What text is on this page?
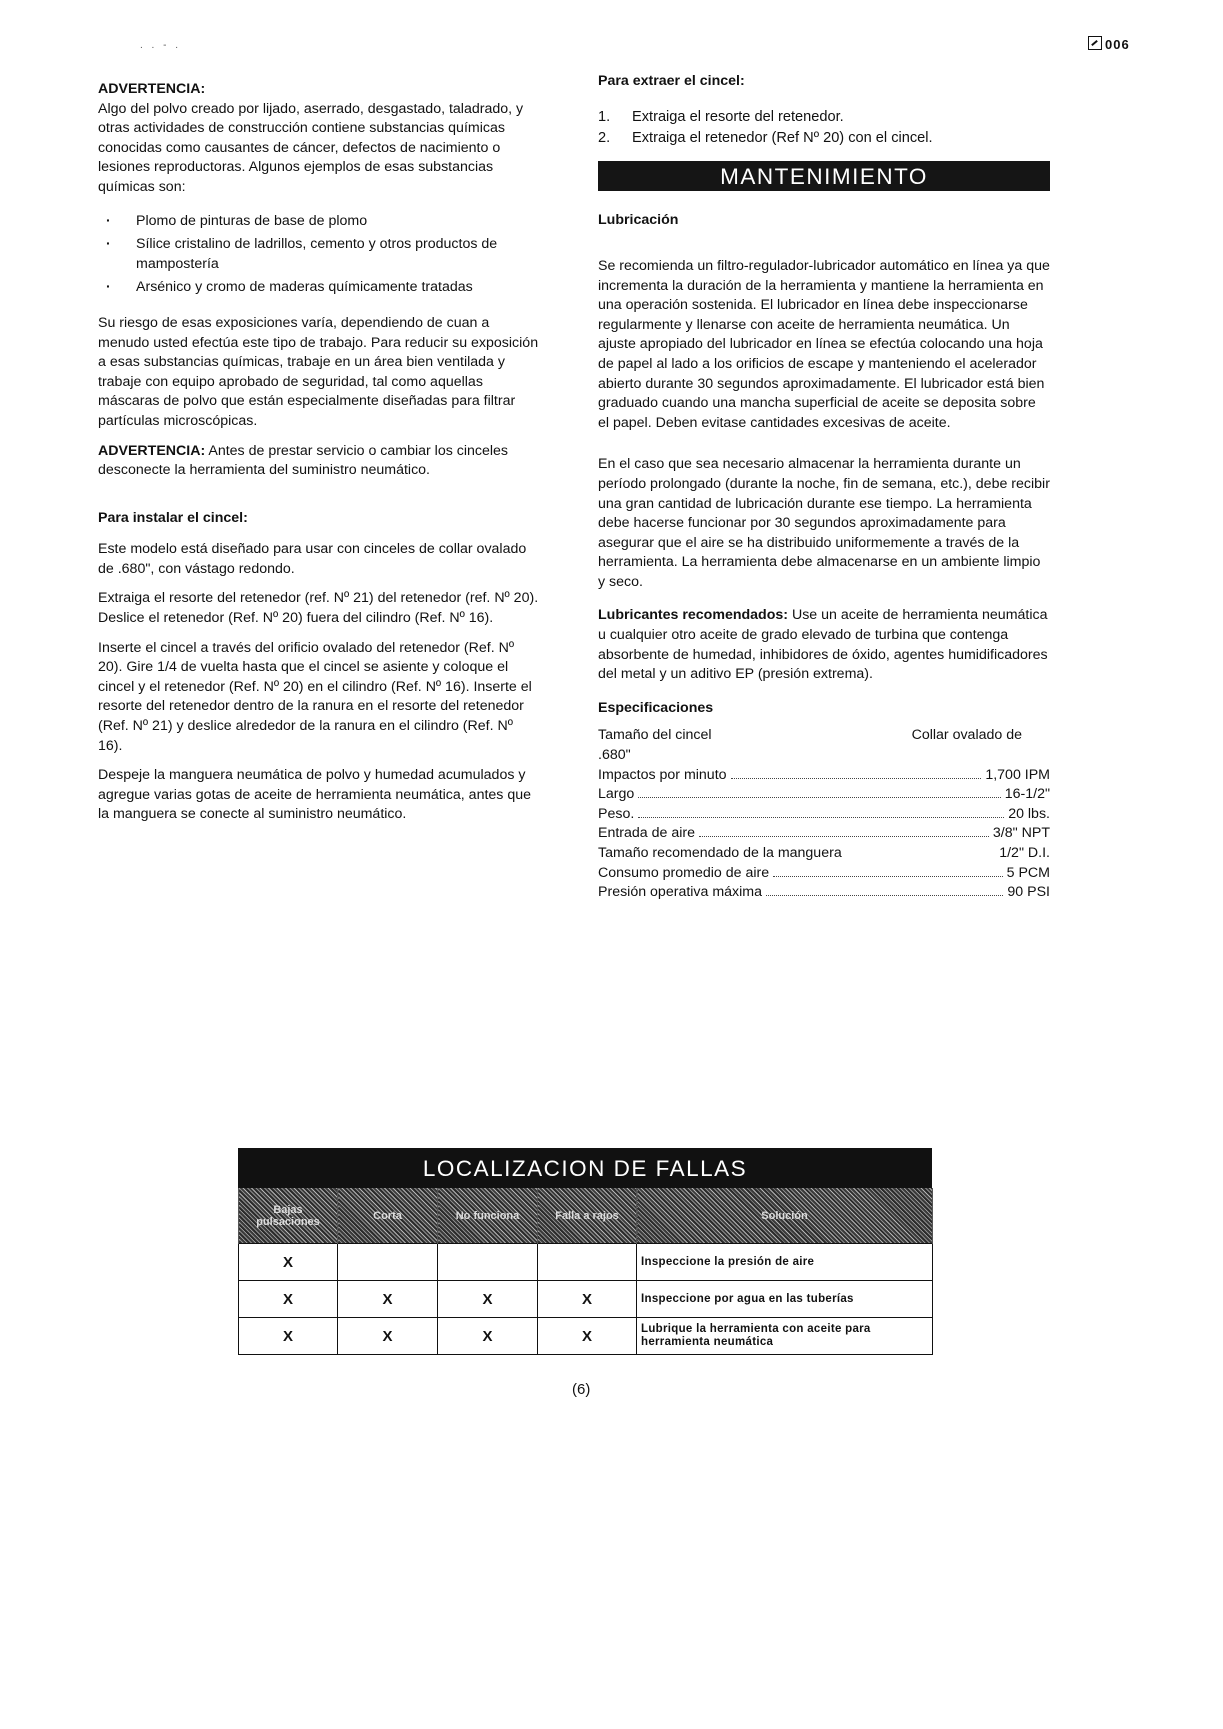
. . - .	006
ADVERTENCIA:

Algo del polvo creado por lijado, aserrado, desgastado, taladrado, y otras actividades de construcción contiene substancias químicas conocidas como causantes de cáncer, defectos de nacimiento o lesiones reproductoras. Algunos ejemplos de esas substancias químicas son:

· Plomo de pinturas de base de plomo
· Sílice cristalino de ladrillos, cemento y otros productos de mampostería
· Arsénico y cromo de maderas químicamente tratadas

Su riesgo de esas exposiciones varía, dependiendo de cuan a menudo usted efectúa este tipo de trabajo. Para reducir su exposición a esas substancias químicas, trabaje en un área bien ventilada y trabaje con equipo aprobado de seguridad, tal como aquellas máscaras de polvo que están especialmente diseñadas para filtrar partículas microscópicas.

ADVERTENCIA: Antes de prestar servicio o cambiar los cinceles desconecte la herramienta del suministro neumático.

Para instalar el cincel:

Este modelo está diseñado para usar con cinceles de collar ovalado de .680", con vástago redondo.

Extraiga el resorte del retenedor (ref. Nº 21) del retenedor (ref. Nº 20). Deslice el retenedor (Ref. Nº 20) fuera del cilindro (Ref. Nº 16).

Inserte el cincel a través del orificio ovalado del retenedor (Ref. Nº 20). Gire 1/4 de vuelta hasta que el cincel se asiente y coloque el cincel y el retenedor (Ref. Nº 20) en el cilindro (Ref. Nº 16). Inserte el resorte del retenedor dentro de la ranura en el resorte del retenedor (Ref. Nº 21) y deslice alrededor de la ranura en el cilindro (Ref. Nº 16).

Despeje la manguera neumática de polvo y humedad acumulados y agregue varias gotas de aceite de herramienta neumática, antes que la manguera se conecte al suministro neumático.

Para extraer el cincel:
1.	Extraiga el resorte del retenedor.
2.	Extraiga el retenedor (Ref Nº 20) con el cincel.
MANTENIMIENTO
Lubricación

Se recomienda un filtro-regulador-lubricador automático en línea ya que incrementa la duración de la herramienta y mantiene la herramienta en una operación sostenida. El lubricador en línea debe inspeccionarse regularmente y llenarse con aceite de herramienta neumática. Un ajuste apropiado del lubricador en línea se efectúa colocando una hoja de papel al lado a los orificios de escape y manteniendo el acelerador abierto durante 30 segundos aproximadamente. El lubricador está bien graduado cuando una mancha superficial de aceite se deposita sobre el papel. Deben evitase cantidades excesivas de aceite.

En el caso que sea necesario almacenar la herramienta durante un período prolongado (durante la noche, fin de semana, etc.), debe recibir una gran cantidad de lubricación durante ese tiempo. La herramienta debe hacerse funcionar por 30 segundos aproximadamente para asegurar que el aire se ha distribuido uniformemente a través de la herramienta. La herramienta debe almacenarse en un ambiente limpio y seco.

Lubricantes recomendados: Use un aceite de herramienta neumática u cualquier otro aceite de grado elevado de turbina que contenga absorbente de humedad, inhibidores de óxido, agentes humidificadores del metal y un aditivo EP (presión extrema).

Especificaciones
Tamaño del cincel	Collar ovalado de
.680"
Impactos por minuto	1,700 IPM
Largo	16-1/2"
Peso.	20 lbs.
Entrada de aire	3/8" NPT
Tamaño recomendado de la manguera	1/2" D.I.
Consumo promedio de aire	5 PCM
Presión operativa máxima	90 PSI
LOCALIZACION DE FALLAS
Bajas pulsaciones	Corta	No funciona	Falla a rajos	Solución
X				Inspeccione la presión de aire
X	X	X	X	Inspeccione por agua en las tuberías
X	X	X	X	Lubrique la herramienta con aceite para herramienta neumática
(6)
